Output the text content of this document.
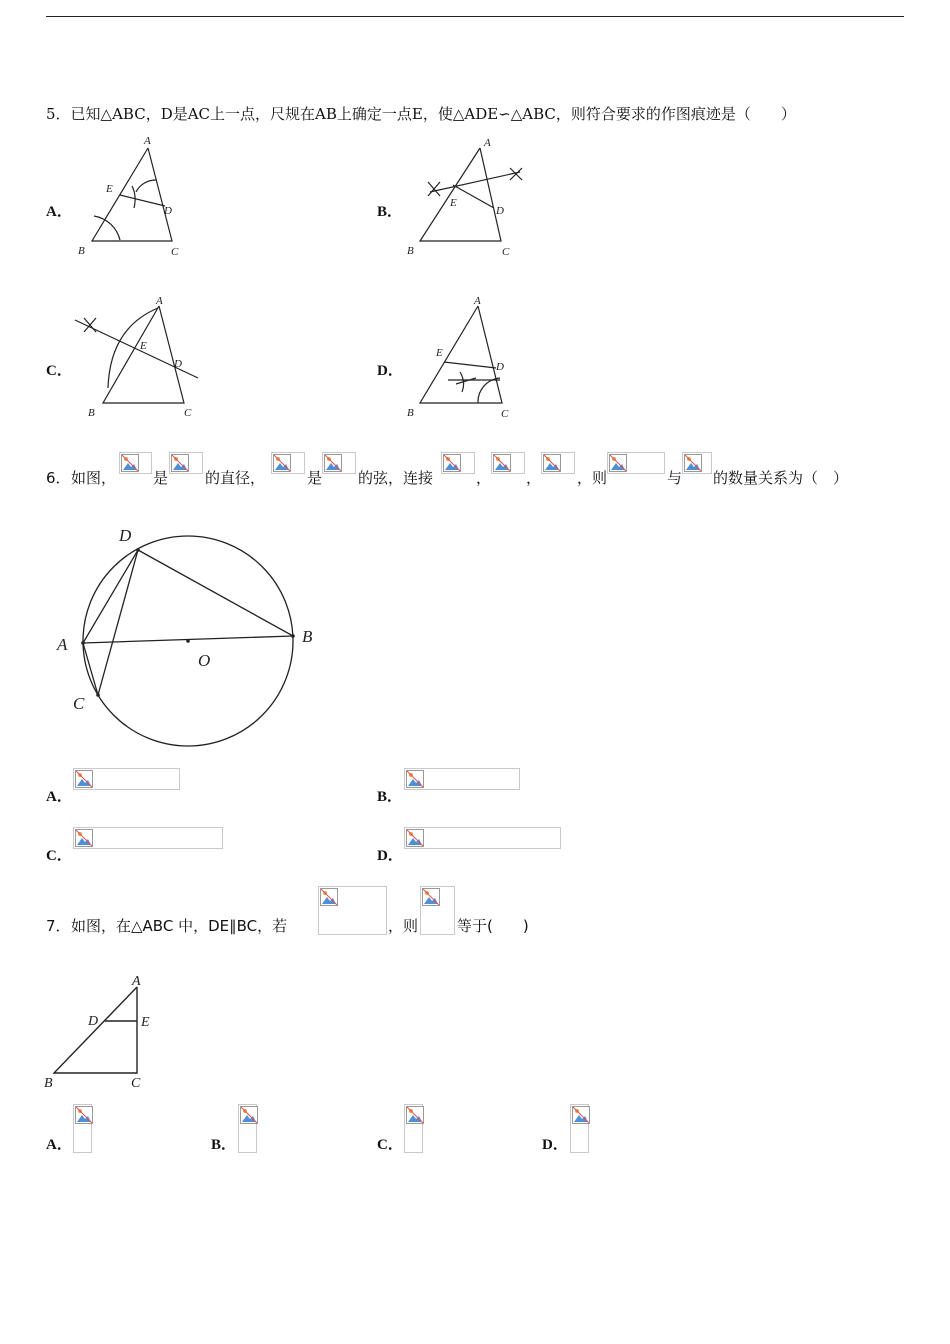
5．已知△ABC，D是AC上一点，尺规在AB上确定一点E，使△ADE∽△ABC，则符合要求的作图痕迹是（　　）
A．	B．
C．	D．
A
B	C
D
E
A
B	C
D
E
A
B	C
D
E
A
B	C
D
E
6． 如图， 是 的直径，	是 的弦，连接	， ， ，则	与 的数量关系为（　）
D
A	B
C
O
A．	B．
C．	D．
7． 如图，在△ABC 中，DE∥BC，若	，则	等于(　　)
A
B	C
D	E
A．	B．	C．	D．
